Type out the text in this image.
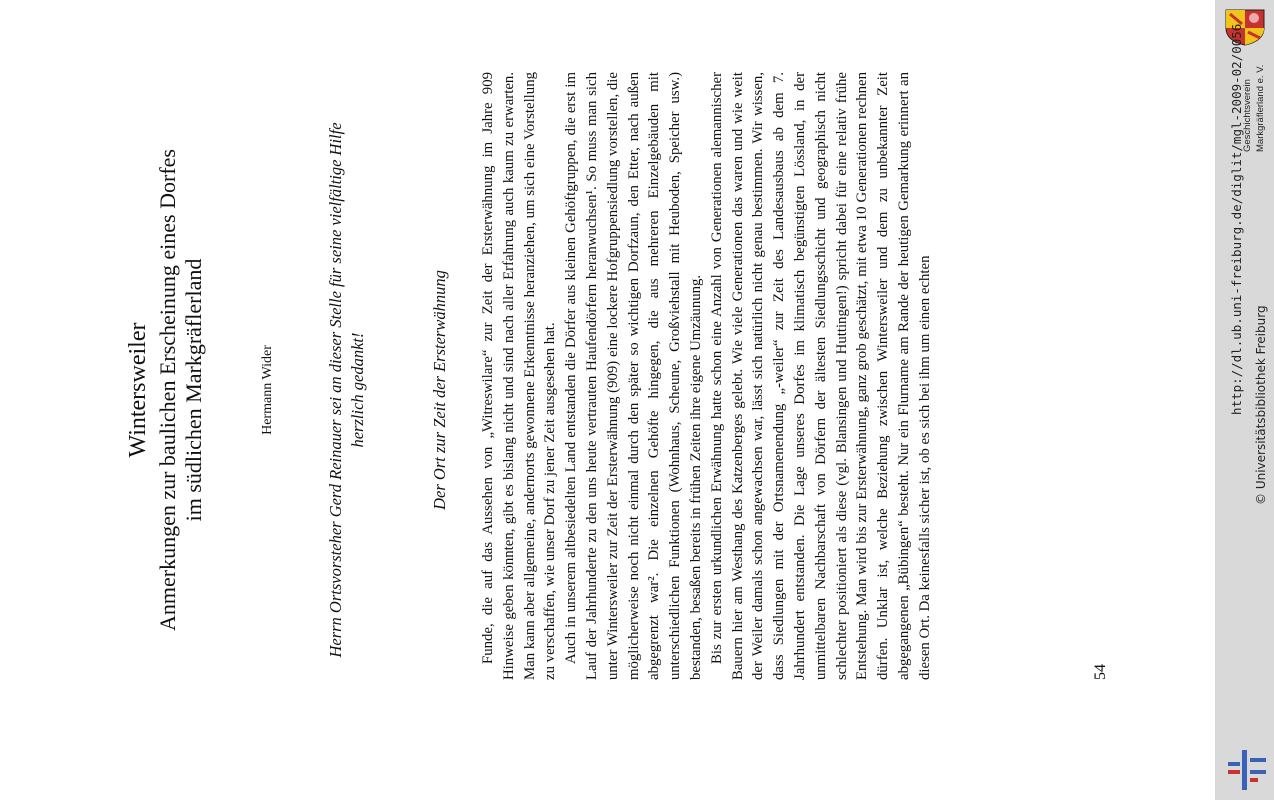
Wintersweiler Anmerkungen zur baulichen Erscheinung eines Dorfes im südlichen Markgräflerland	Hermann Wider	Herrn Ortsvorsteher Gerd Reinauer sei an dieser Stelle für seine vielfältige Hilfe herzlich gedankt!	Der Ort zur Zeit der Ersterwähnung Funde, die auf das Aussehen von „Witreswilare“ zur Zeit der Ersterwähnung im Jahre 909 Hinweise geben könnten, gibt es bislang nicht und sind nach aller Erfahrung auch kaum zu erwarten. Man kann aber allgemeine, andernorts gewonnene Erkenntnisse heranziehen, um sich eine Vorstellung zu verschaffen, wie unser Dorf zu jener Zeit ausgesehen hat. Auch in unserem altbesiedelten Land entstanden die Dörfer aus kleinen Gehöftgruppen, die erst im Lauf der Jahrhunderte zu den uns heute vertrauten Haufendörfern heranwuchsen¹. So muss man sich unter Wintersweiler zur Zeit der Ersterwähnung (909) eine lockere Hofgruppensiedlung vorstellen, die möglicherweise noch nicht einmal durch den später so wichtigen Dorfzaun, den Etter, nach außen abgegrenzt war². Die einzelnen Gehöfte hingegen, die aus mehreren Einzelgebäuden mit unterschiedlichen Funktionen (Wohnhaus, Scheune, Großviehstall mit Heuboden, Speicher usw.) bestanden, besaßen bereits in frühen Zeiten ihre eigene Umzäunung. Bis zur ersten urkundlichen Erwähnung hatte schon eine Anzahl von Generationen alemannischer Bauern hier am Westhang des Katzenberges gelebt. Wie viele Generationen das waren und wie weit der Weiler damals schon angewachsen war, lässt sich natürlich nicht genau bestimmen. Wir wissen, dass Siedlungen mit der Ortsnamenendung „-weiler“ zur Zeit des Landesausbaus ab dem 7. Jahrhundert entstanden. Die Lage unseres Dorfes im klimatisch begünstigten Lössland, in der unmittelbaren Nachbarschaft von Dörfern der ältesten Siedlungsschicht und geographisch nicht schlechter positioniert als diese (vgl. Blansingen und Huttingen!) spricht dabei für eine relativ frühe Entstehung. Man wird bis zur Ersterwähnung, ganz grob geschätzt, mit etwa 10 Generationen rechnen dürfen. Unklar ist, welche Beziehung zwischen Wintersweiler und dem zu unbekannter Zeit abgegangenen „Bübingen“ besteht. Nur ein Flurname am Rande der heutigen Gemarkung erinnert an diesen Ort. Da keinesfalls sicher ist, ob es sich bei ihm um einen echten	54
Geschichtsverein Markgräflerland e. V.
http://dl.ub.uni-freiburg.de/diglit/mgl-2009-02/0056 © Universitätsbibliothek Freiburg
